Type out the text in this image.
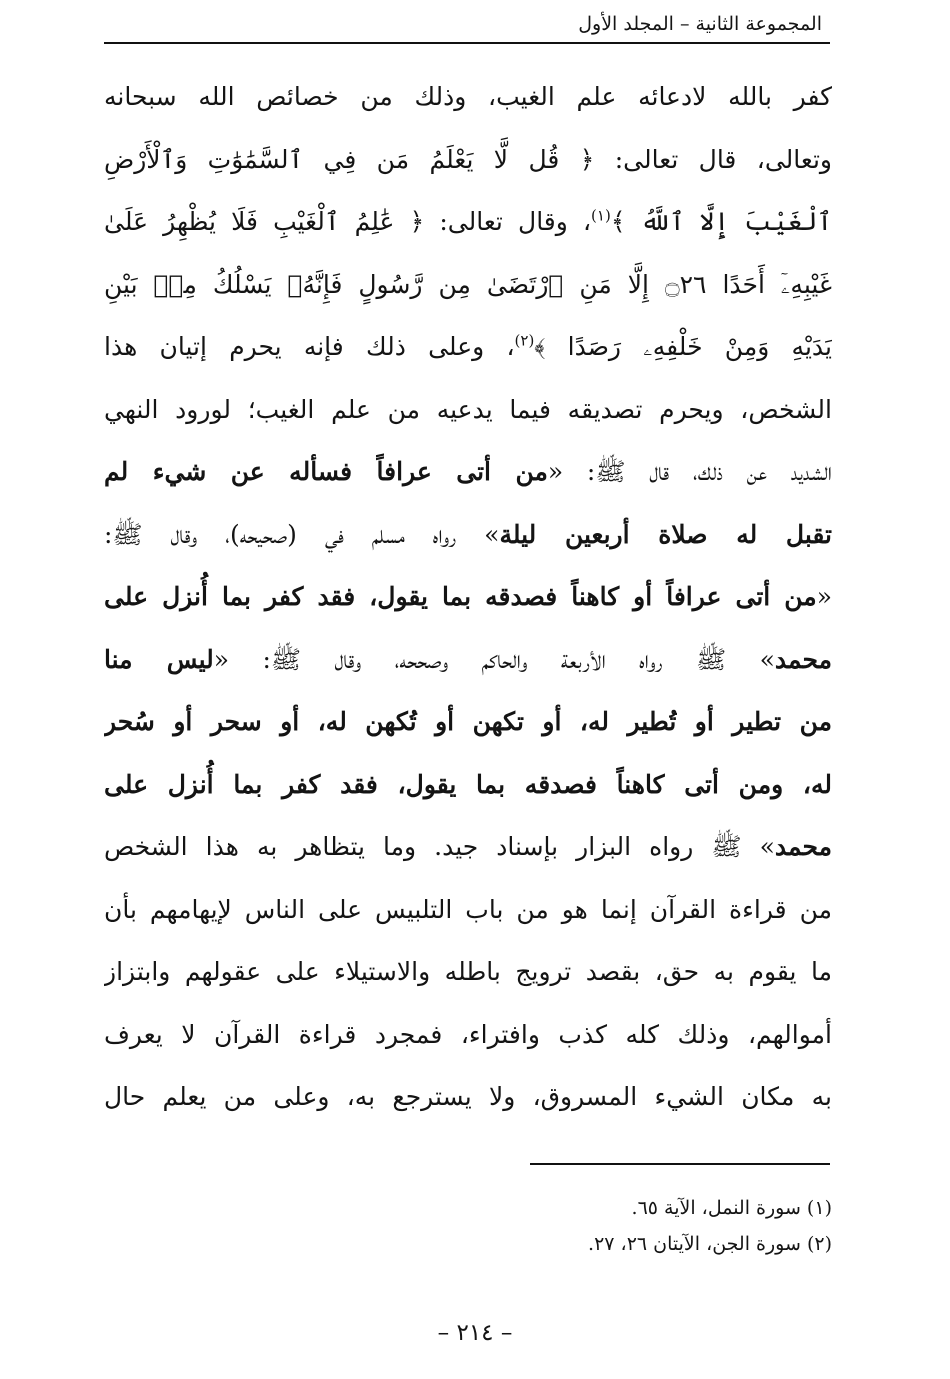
المجموعة الثانية – المجلد الأول
كفر بالله لادعائه علم الغيب، وذلك من خصائص الله سبحانه
وتعالى، قال تعالى: ﴿ قُل لَّا يَعْلَمُ مَن فِي ٱلسَّمَٰوَٰتِ وَٱلْأَرْضِ
ٱلْغَيْبَ إِلَّا ٱللَّهُ ﴾$^{(١)}$، وقال تعالى: ﴿ عَٰلِمُ ٱلْغَيْبِ فَلَا يُظْهِرُ عَلَىٰ
غَيْبِهِۦٓ أَحَدًا ۝٢٦ إِلَّا مَنِ ٱرْتَضَىٰ مِن رَّسُولٍ فَإِنَّهُۥ يَسْلُكُ مِنۢ بَيْنِ
يَدَيْهِ وَمِنْ خَلْفِهِۦ رَصَدًا ﴾$^{(٢)}$، وعلى ذلك فإنه يحرم إتيان هذا
الشخص، ويحرم تصديقه فيما يدعيه من علم الغيب؛ لورود النهي
الشديد عن ذلك، قال ﷺ: «من أتى عرافاً فسأله عن شيء لم
تقبل له صلاة أربعين ليلة» رواه مسلم في (صحيحه)، وقال ﷺ:
«من أتى عرافاً أو كاهناً فصدقه بما يقول، فقد كفر بما أُنزل على
محمد» ﷺ رواه الأربعة والحاكم وصححه، وقال ﷺ: «ليس منا
من تطير أو تُطير له، أو تكهن أو تُكهن له، أو سحر أو سُحر
له، ومن أتى كاهناً فصدقه بما يقول، فقد كفر بما أُنزل على
محمد» ﷺ رواه البزار بإسناد جيد. وما يتظاهر به هذا الشخص
من قراءة القرآن إنما هو من باب التلبيس على الناس لإيهامهم بأن
ما يقوم به حق، بقصد ترويج باطله والاستيلاء على عقولهم وابتزاز
أموالهم، وذلك كله كذب وافتراء، فمجرد قراءة القرآن لا يعرف
به مكان الشيء المسروق، ولا يسترجع به، وعلى من يعلم حال
(١) سورة النمل، الآية ٦٥.
(٢) سورة الجن، الآيتان ٢٦، ٢٧.
– ٢١٤ –
